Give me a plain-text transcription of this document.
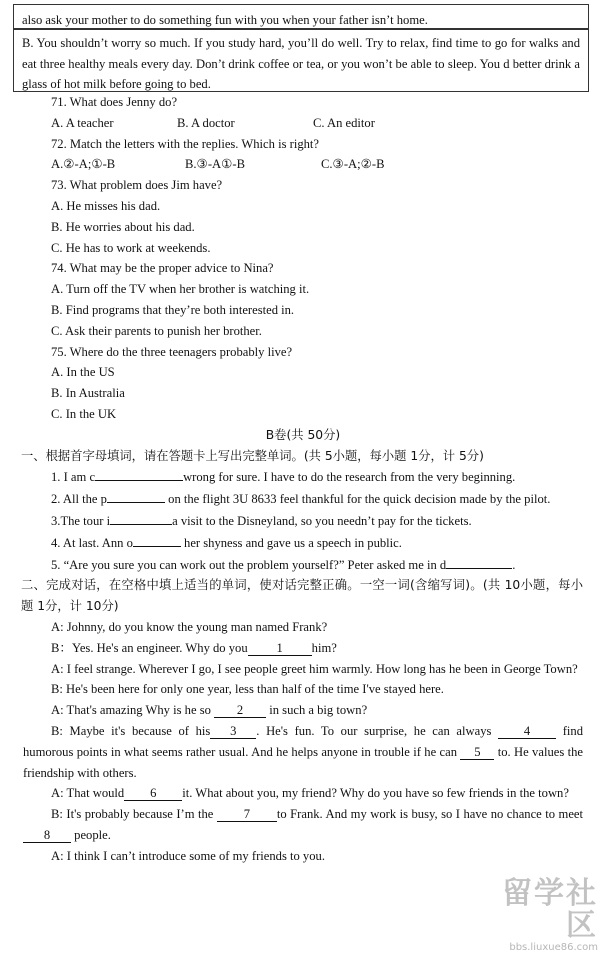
also ask your mother to do something fun with you when your father isn’t home.
B. You shouldn’t worry so much. If you study hard, you’ll do well. Try to relax, find time to go for walks and eat three healthy meals every day. Don’t drink coffee or tea, or you won’t be able to sleep. You d better drink a glass of hot milk before going to bed.
71. What does Jenny do?
A. A teacher	B. A doctor	C. An editor
72. Match the letters with the replies. Which is right?
A.②-A;①-B	B.③-A①-B	C.③-A;②-B
73. What problem does Jim have?
A. He misses his dad.
B. He worries about his dad.
C. He has to work at weekends.
74. What may be the proper advice to Nina?
A. Turn off the TV when her brother is watching it.
B. Find programs that they’re both interested in.
C. Ask their parents to punish her brother.
75. Where do the three teenagers probably live?
A. In the US
B. In Australia
C. In the UK
B卷(共 50分)
一、根据首字母填词，请在答题卡上写出完整单词。(共 5小题，每小题 1分，计 5分)
1. I am c	wrong for sure. I have to do the research from the very beginning.
2. All the p	on the flight 3U 8633 feel thankful for the quick decision made by the pilot.
3.The tour i	a visit to the Disneyland, so you needn’t pay for the tickets.
4. At last. Ann o	her shyness and gave us a speech in public.
5. “Are you sure you can work out the problem yourself?” Peter asked me in d	.
二、完成对话，在空格中填上适当的单词，使对话完整正确。一空一词(含缩写词)。(共 10小题，每小题 1分，计 10分)
A: Johnny, do you know the young man named Frank?
B：Yes. He's an engineer. Why do you 1 him?
A: I feel strange. Wherever I go, I see people greet him warmly. How long has he been in George Town?
B: He's been here for only one year, less than half of the time I've stayed here.
A: That's amazing Why is he so 2 in such a big town?
B: Maybe it's because of his 3 . He's fun. To our surprise, he can always	4	find humorous points in what seems rather usual. And he helps anyone in trouble if he can 5 to. He values the friendship with others.
A: That would 6 it. What about you, my friend? Why do you have so few friends in the town?
B: It's probably because I’m the 7 to Frank. And my work is busy, so I have no chance to meet 8 people.
A: I think I can’t introduce some of my friends to you.
留学社区
bbs.liuxue86.com
